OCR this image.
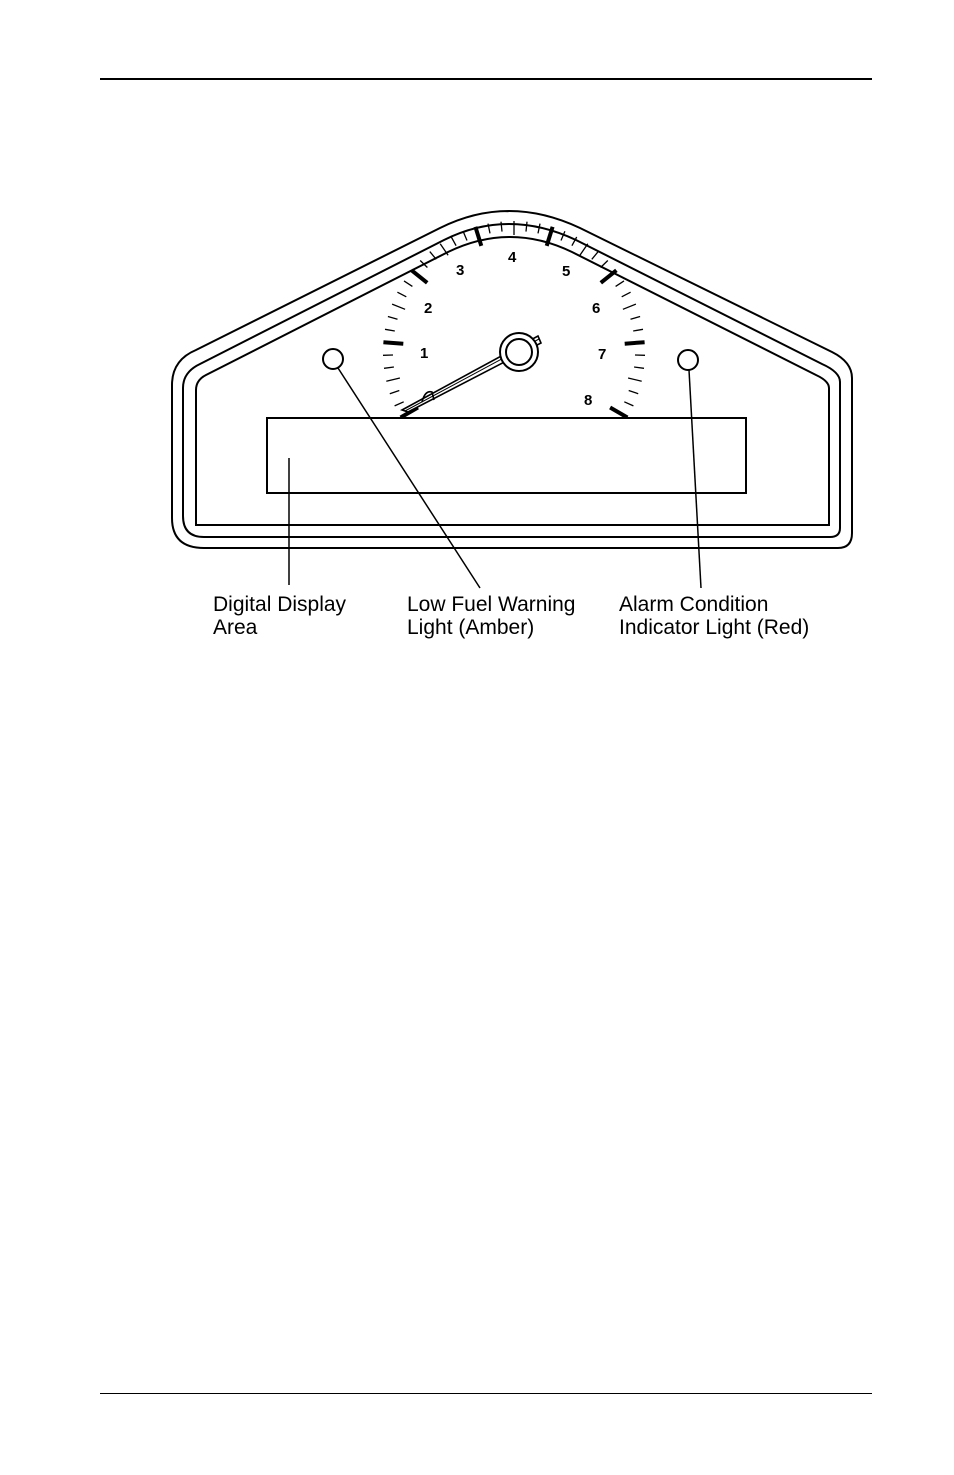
1
2
3
4
5
6
7
8
Digital Display Area
Low Fuel Warning Light (Amber)
Alarm Condition Indicator Light (Red)
